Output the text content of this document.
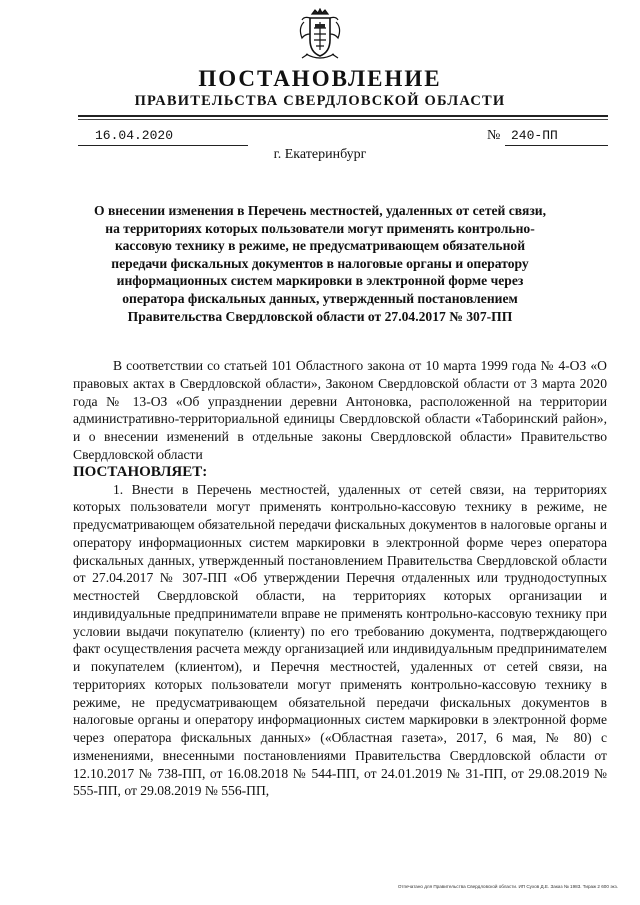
ПОСТАНОВЛЕНИЕ
ПРАВИТЕЛЬСТВА СВЕРДЛОВСКОЙ ОБЛАСТИ
16.04.2020	№ 240-ПП
г. Екатеринбург
О внесении изменения в Перечень местностей, удаленных от сетей связи, на территориях которых пользователи могут применять контрольно-кассовую технику в режиме, не предусматривающем обязательной передачи фискальных документов в налоговые органы и оператору информационных систем маркировки в электронной форме через оператора фискальных данных, утвержденный постановлением Правительства Свердловской области от 27.04.2017 № 307-ПП

В соответствии со статьей 101 Областного закона от 10 марта 1999 года № 4-ОЗ «О правовых актах в Свердловской области», Законом Свердловской области от 3 марта 2020 года № 13-ОЗ «Об упразднении деревни Антоновка, расположенной на территории административно-территориальной единицы Свердловской области «Таборинский район», и о внесении изменений в отдельные законы Свердловской области» Правительство Свердловской области

ПОСТАНОВЛЯЕТ:

1. Внести в Перечень местностей, удаленных от сетей связи, на территориях которых пользователи могут применять контрольно-кассовую технику в режиме, не предусматривающем обязательной передачи фискальных документов в налоговые органы и оператору информационных систем маркировки в электронной форме через оператора фискальных данных, утвержденный постановлением Правительства Свердловской области от 27.04.2017 № 307-ПП «Об утверждении Перечня отдаленных или труднодоступных местностей Свердловской области, на территориях которых организации и индивидуальные предприниматели вправе не применять контрольно-кассовую технику при условии выдачи покупателю (клиенту) по его требованию документа, подтверждающего факт осуществления расчета между организацией или индивидуальным предпринимателем и покупателем (клиентом), и Перечня местностей, удаленных от сетей связи, на территориях которых пользователи могут применять контрольно-кассовую технику в режиме, не предусматривающем обязательной передачи фискальных документов в налоговые органы и оператору информационных систем маркировки в электронной форме через оператора фискальных данных» («Областная газета», 2017, 6 мая, № 80) с изменениями, внесенными постановлениями Правительства Свердловской области от 12.10.2017 № 738-ПП, от 16.08.2018 № 544-ПП, от 24.01.2019 № 31-ПП, от 29.08.2019 № 555-ПП, от 29.08.2019 № 556-ПП,

Отпечатано для Правительства Свердловской области. ИП Сухов Д.Е. Заказ № 1983. Тираж 2 600 экз.
